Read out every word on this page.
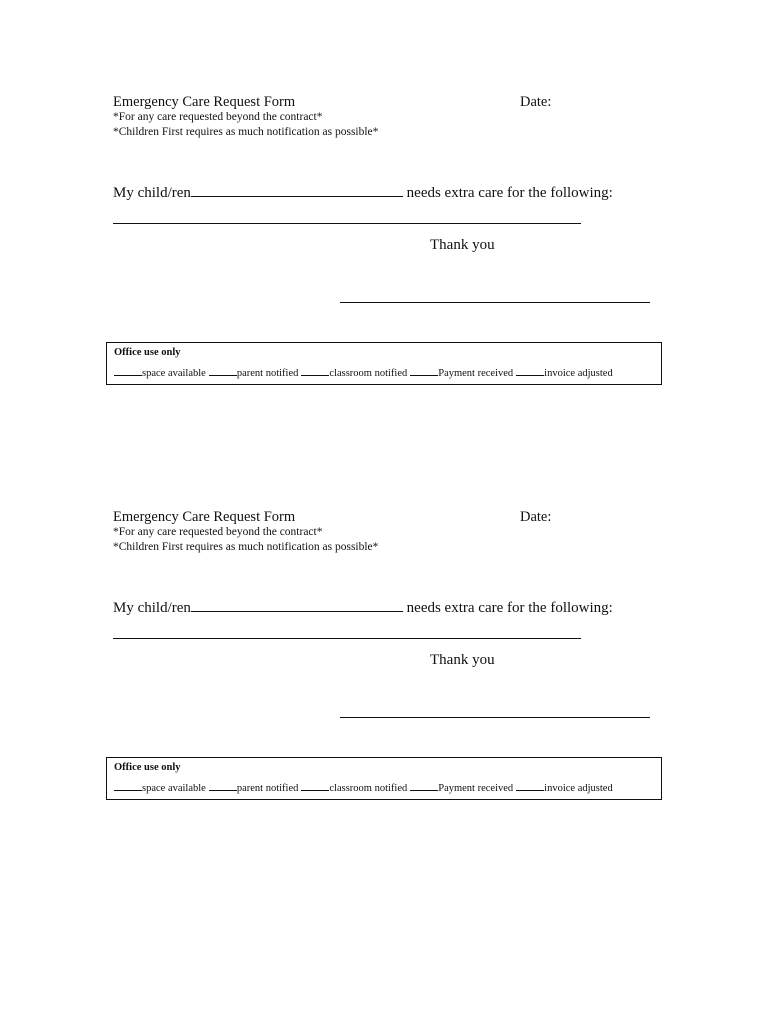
Emergency Care Request Form	Date:
*For any care requested beyond the contract*
*Children First requires as much notification as possible*
My child/ren	needs extra care for the following:
Thank you
Office use only
space available	parent notified	classroom notified	Payment received	invoice adjusted
Emergency Care Request Form	Date:
*For any care requested beyond the contract*
*Children First requires as much notification as possible*
My child/ren	needs extra care for the following:
Thank you
Office use only
space available	parent notified	classroom notified	Payment received	invoice adjusted
